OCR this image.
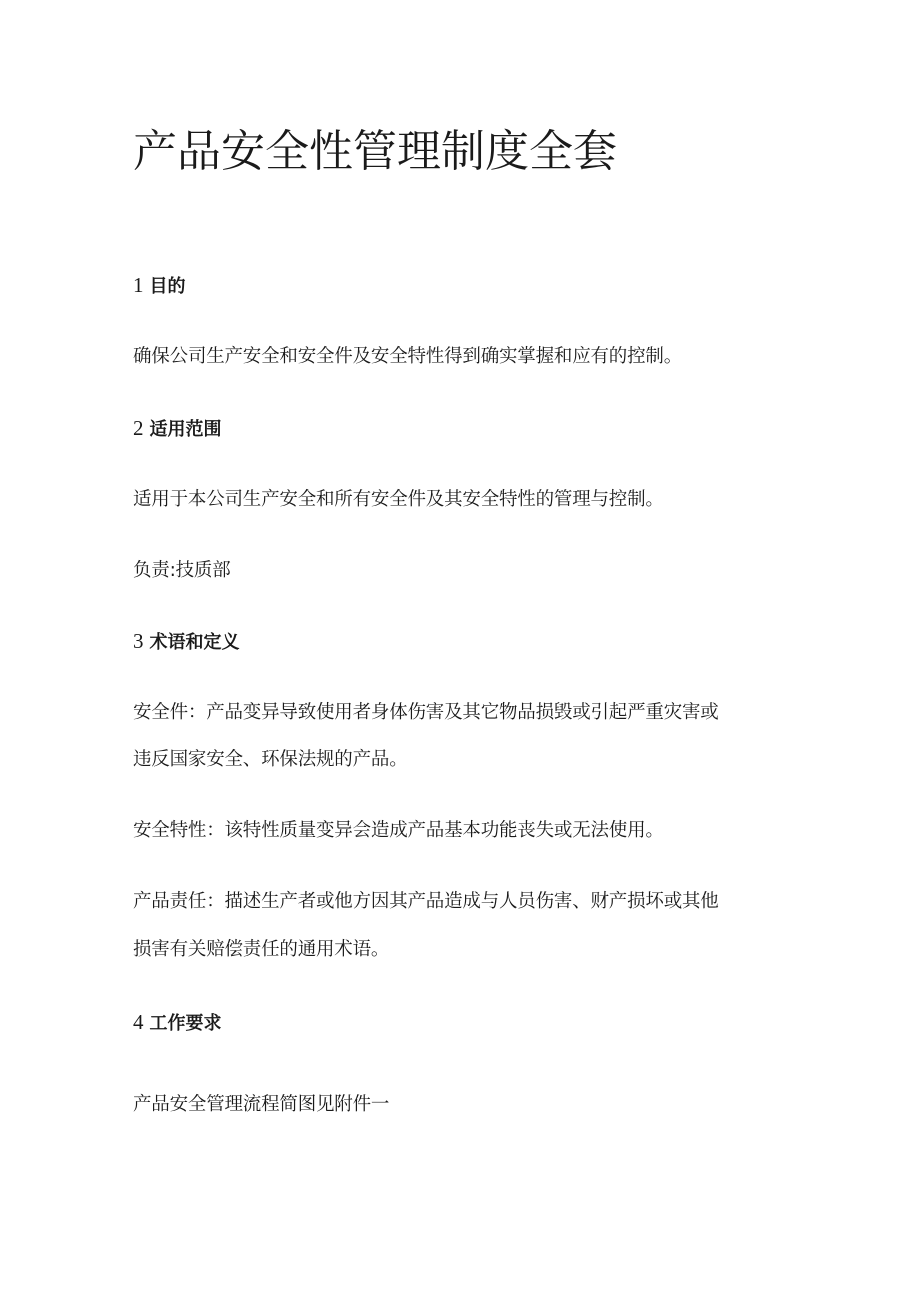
产品安全性管理制度全套
1 目的

确保公司生产安全和安全件及安全特性得到确实掌握和应有的控制。

2 适用范围

适用于本公司生产安全和所有安全件及其安全特性的管理与控制。

负责:技质部

3 术语和定义

安全件：产品变异导致使用者身体伤害及其它物品损毁或引起严重灾害或

违反国家安全、环保法规的产品。

安全特性：该特性质量变异会造成产品基本功能丧失或无法使用。

产品责任：描述生产者或他方因其产品造成与人员伤害、财产损坏或其他

损害有关赔偿责任的通用术语。

4 工作要求

产品安全管理流程简图见附件一
